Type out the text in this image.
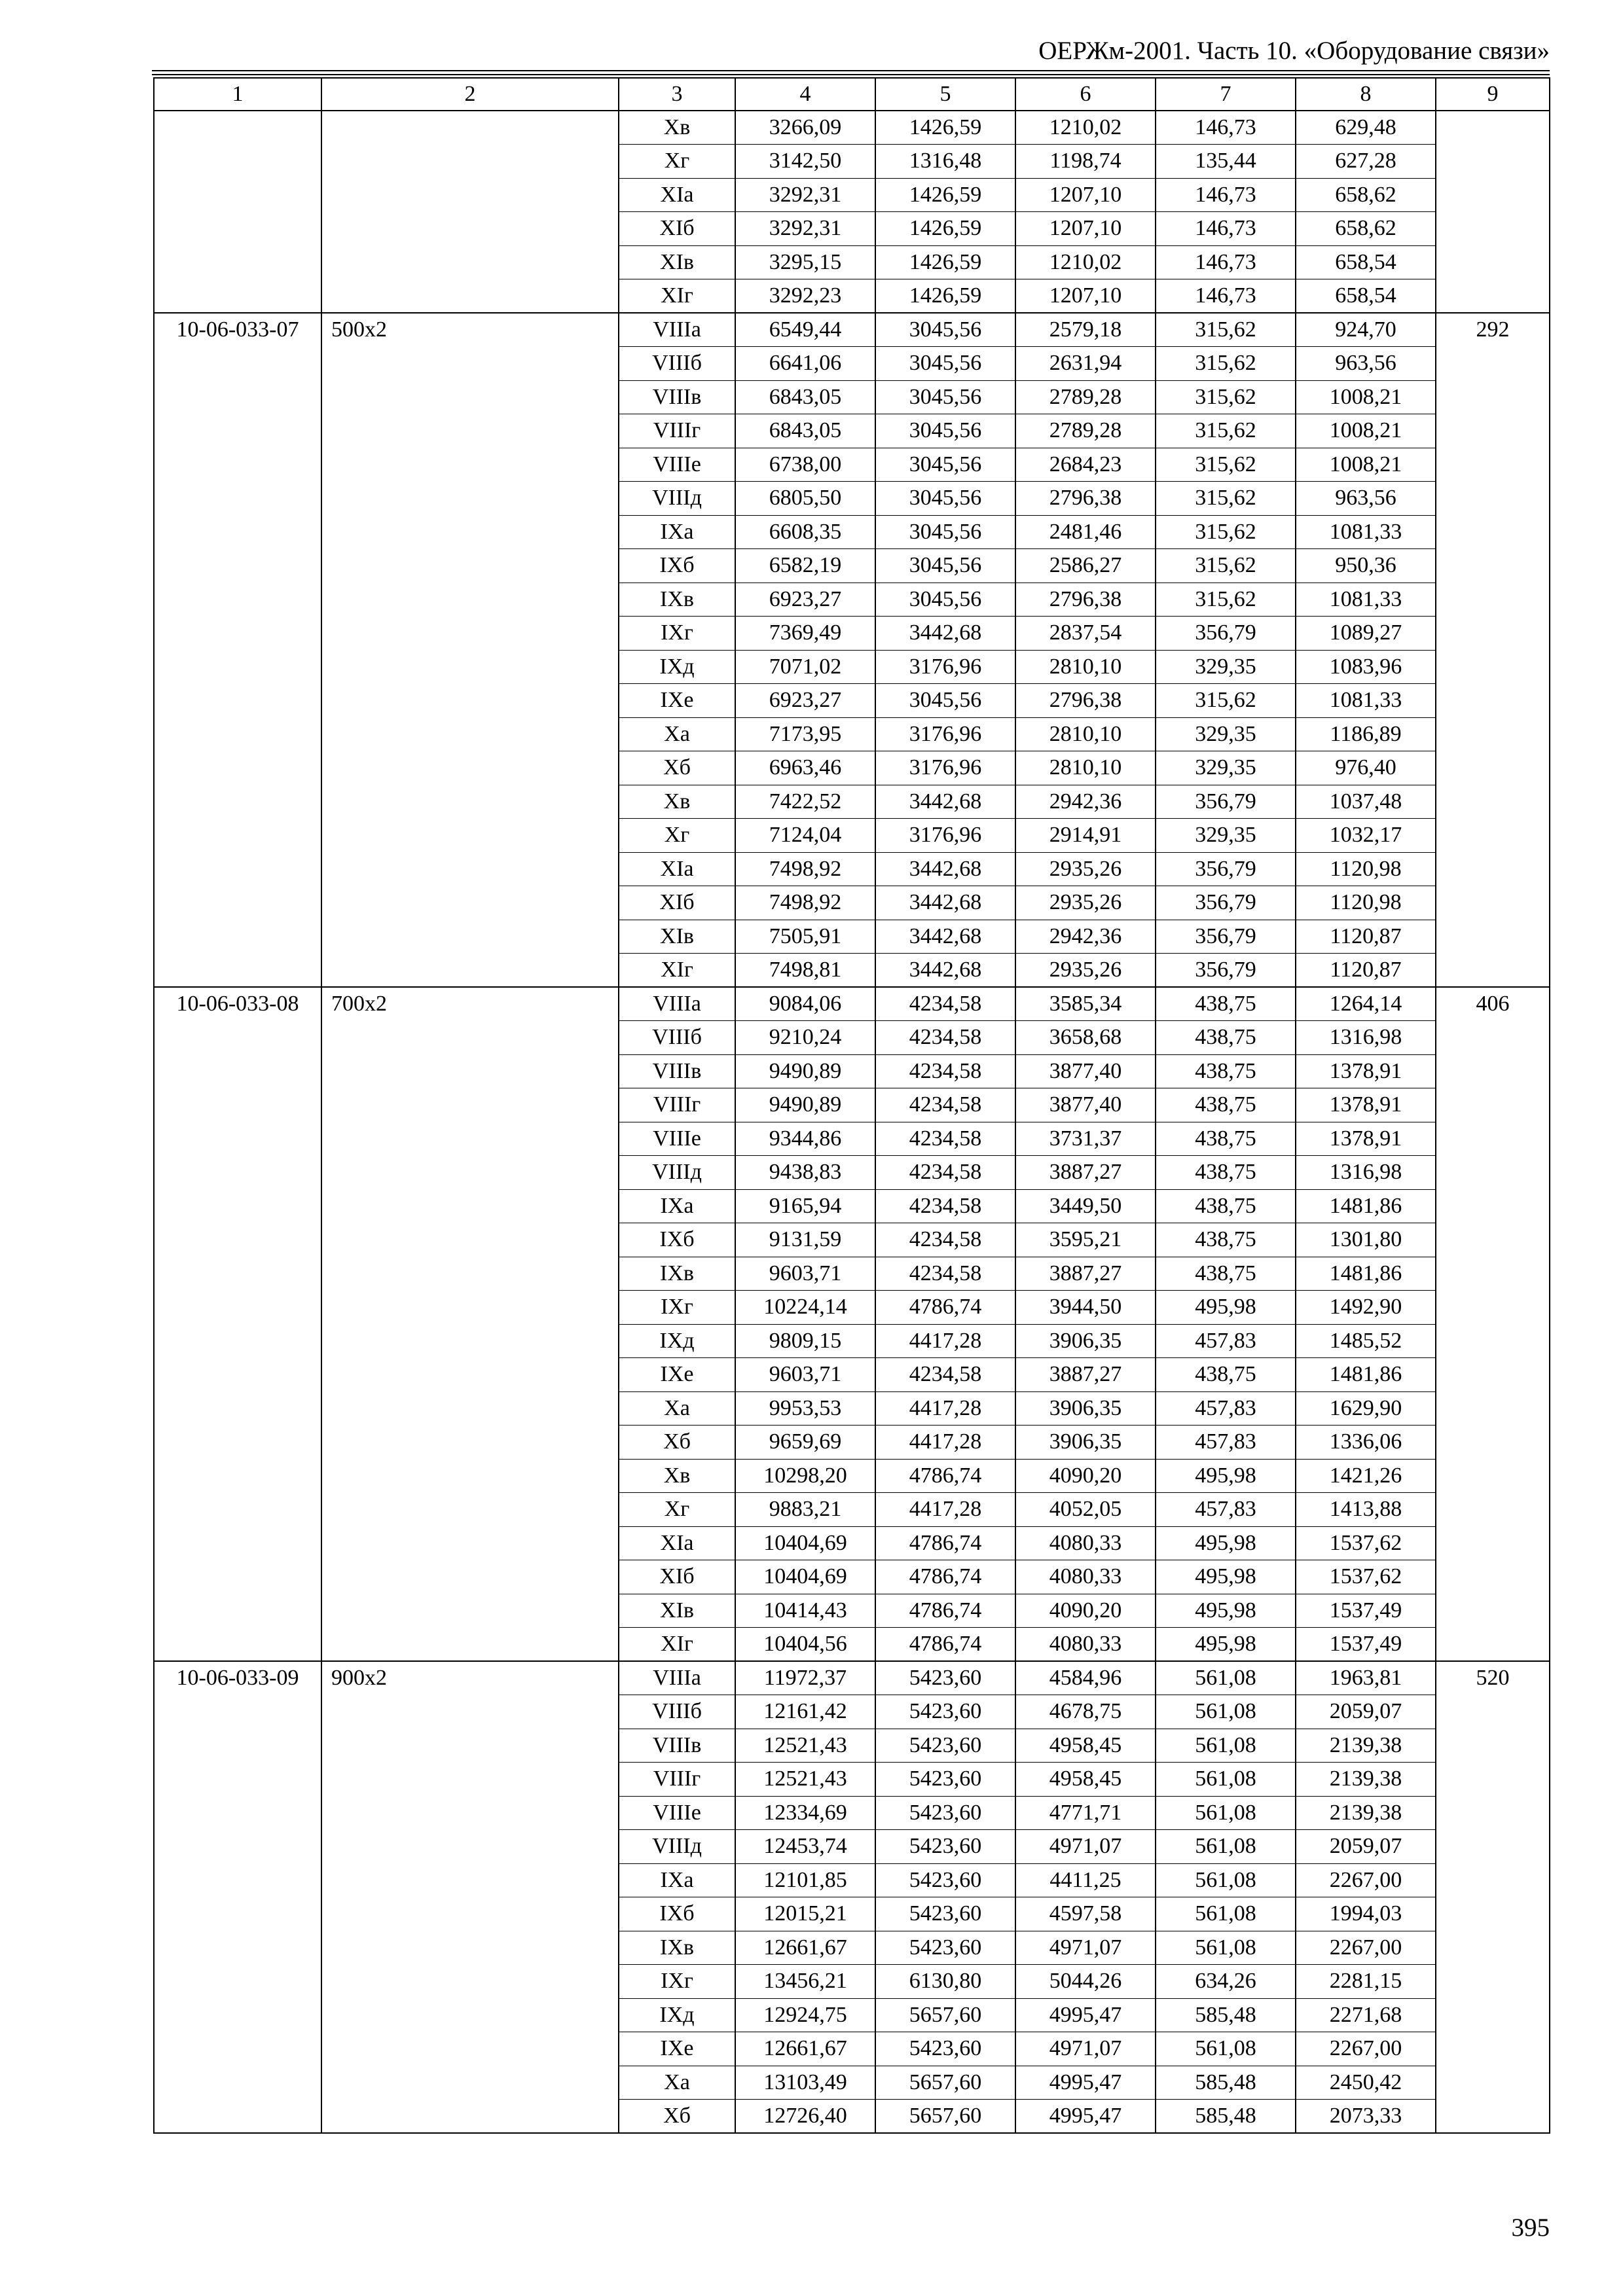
ОЕРЖм-2001. Часть 10. «Оборудование связи»
1	2	3	4	5	6	7	8	9
		Хв	3266,09	1426,59	1210,02	146,73	629,48	
		Хг	3142,50	1316,48	1198,74	135,44	627,28	
		ХIа	3292,31	1426,59	1207,10	146,73	658,62	
		ХIб	3292,31	1426,59	1207,10	146,73	658,62	
		ХIв	3295,15	1426,59	1210,02	146,73	658,54	
		ХIг	3292,23	1426,59	1207,10	146,73	658,54	
10-06-033-07	500х2	VIIIа	6549,44	3045,56	2579,18	315,62	924,70	292
		VIIIб	6641,06	3045,56	2631,94	315,62	963,56	
		VIIIв	6843,05	3045,56	2789,28	315,62	1008,21	
		VIIIг	6843,05	3045,56	2789,28	315,62	1008,21	
		VIIIе	6738,00	3045,56	2684,23	315,62	1008,21	
		VIIIд	6805,50	3045,56	2796,38	315,62	963,56	
		IХа	6608,35	3045,56	2481,46	315,62	1081,33	
		IХб	6582,19	3045,56	2586,27	315,62	950,36	
		IХв	6923,27	3045,56	2796,38	315,62	1081,33	
		IХг	7369,49	3442,68	2837,54	356,79	1089,27	
		IХд	7071,02	3176,96	2810,10	329,35	1083,96	
		IХе	6923,27	3045,56	2796,38	315,62	1081,33	
		Ха	7173,95	3176,96	2810,10	329,35	1186,89	
		Хб	6963,46	3176,96	2810,10	329,35	976,40	
		Хв	7422,52	3442,68	2942,36	356,79	1037,48	
		Хг	7124,04	3176,96	2914,91	329,35	1032,17	
		ХIа	7498,92	3442,68	2935,26	356,79	1120,98	
		ХIб	7498,92	3442,68	2935,26	356,79	1120,98	
		ХIв	7505,91	3442,68	2942,36	356,79	1120,87	
		ХIг	7498,81	3442,68	2935,26	356,79	1120,87	
10-06-033-08	700х2	VIIIа	9084,06	4234,58	3585,34	438,75	1264,14	406
		VIIIб	9210,24	4234,58	3658,68	438,75	1316,98	
		VIIIв	9490,89	4234,58	3877,40	438,75	1378,91	
		VIIIг	9490,89	4234,58	3877,40	438,75	1378,91	
		VIIIе	9344,86	4234,58	3731,37	438,75	1378,91	
		VIIIд	9438,83	4234,58	3887,27	438,75	1316,98	
		IХа	9165,94	4234,58	3449,50	438,75	1481,86	
		IХб	9131,59	4234,58	3595,21	438,75	1301,80	
		IХв	9603,71	4234,58	3887,27	438,75	1481,86	
		IХг	10224,14	4786,74	3944,50	495,98	1492,90	
		IХд	9809,15	4417,28	3906,35	457,83	1485,52	
		IХе	9603,71	4234,58	3887,27	438,75	1481,86	
		Ха	9953,53	4417,28	3906,35	457,83	1629,90	
		Хб	9659,69	4417,28	3906,35	457,83	1336,06	
		Хв	10298,20	4786,74	4090,20	495,98	1421,26	
		Хг	9883,21	4417,28	4052,05	457,83	1413,88	
		ХIа	10404,69	4786,74	4080,33	495,98	1537,62	
		ХIб	10404,69	4786,74	4080,33	495,98	1537,62	
		ХIв	10414,43	4786,74	4090,20	495,98	1537,49	
		ХIг	10404,56	4786,74	4080,33	495,98	1537,49	
10-06-033-09	900х2	VIIIа	11972,37	5423,60	4584,96	561,08	1963,81	520
		VIIIб	12161,42	5423,60	4678,75	561,08	2059,07	
		VIIIв	12521,43	5423,60	4958,45	561,08	2139,38	
		VIIIг	12521,43	5423,60	4958,45	561,08	2139,38	
		VIIIе	12334,69	5423,60	4771,71	561,08	2139,38	
		VIIIд	12453,74	5423,60	4971,07	561,08	2059,07	
		IХа	12101,85	5423,60	4411,25	561,08	2267,00	
		IХб	12015,21	5423,60	4597,58	561,08	1994,03	
		IХв	12661,67	5423,60	4971,07	561,08	2267,00	
		IХг	13456,21	6130,80	5044,26	634,26	2281,15	
		IХд	12924,75	5657,60	4995,47	585,48	2271,68	
		IХе	12661,67	5423,60	4971,07	561,08	2267,00	
		Ха	13103,49	5657,60	4995,47	585,48	2450,42	
		Хб	12726,40	5657,60	4995,47	585,48	2073,33	
395
